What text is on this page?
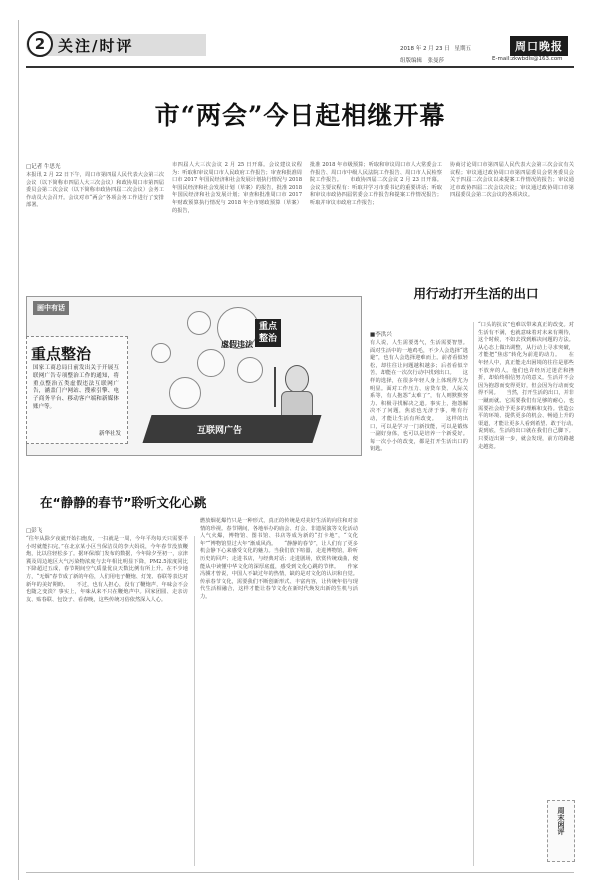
2 关注/时评	2018 年 2 月 23 日 星期五	周口晚报
组版编辑　张曼莎	E-mail:zkwbdls@163.com
市“两会”今日起相继开幕
□记者 牛思光
本报讯 2 月 22 日下午，周口市第四届人民代表大会第三次会议（以下简称市四届人大三次会议）和政协周口市第四届委员会第二次会议（以下简称市政协四届二次会议）会务工作动员大会召开。会议对市“两会”各项会务工作进行了安排部署。
市四届人大三次会议 2 月 25 日开幕。会议建议议程为：听取和审议周口市人民政府工作报告；审查和批准周口市 2017 年国民经济和社会发展计划执行情况与 2018 年国民经济和社会发展计划（草案）的报告，批准 2018 年国民经济和社会发展计划；审查和批准周口市 2017 年财政预算执行情况与 2018 年全市财政预算（草案）的报告，
批准 2018 年市级预算；听取和审议周口市人大常委会工作报告、周口市中级人民法院工作报告、周口市人民检察院工作报告。　　市政协四届二次会议 2 月 23 日开幕。会议主要议程有：听取并学习市委书记的重要讲话；听取和审议市政协四届常委会工作报告和提案工作情况报告；听取并审议市政府工作报告；
协商讨论周口市第四届人民代表大会第三次会议有关议程；审议通过政协周口市第四届委员会常务委员会关于四届二次会议以来提案工作情况的报告；审议通过市政协四届二次会议决议；审议通过政协周口市第四届委员会第二次会议的各项决议。
画中有话
虚假违法
重点整治
互联网广告
重点整治
国家工商总局日前发出关于开展互联网广告专项整治工作的通知，将重点整治五类虚假违法互联网广告，涵盖门户网站、搜索引擎、电子商务平台、移动客户端和新媒体账户等。
新华社发
在“静静的春节”聆听文化心跳
□彭飞
“往年从除夕夜就开始扫炮皮，一扫就是一周，今年平均每天只需要半小时就能扫完。”在北京某小区当保洁员的李大妈说，今年春节没放鞭炮，比以往轻松多了。据环保部门发布的数据，今年除夕至初一，京津冀及周边地区大气污染物浓度与去年相比明显下降，PM2.5浓度同比下降超过五成，春节期间空气质量优良天数比例有所上升。在不少地方，“无烟”春节成了新的年俗，人们用电子鞭炮、灯笼、春联等表达对新年的美好期盼。　　不过，也有人担心，没有了鞭炮声，年味会不会也随之变淡？事实上，年味从来不只在鞭炮声中。回家团圆、走亲访友、贴春联、包饺子、看春晚，这些传统习俗依然深入人心。
燃放烟花爆竹只是一种形式，真正的传统是对美好生活的向往和对亲情的珍视。春节期间，各地举办的庙会、灯会、非遗展演等文化活动人气火爆，博物馆、图书馆、书店等成为新的“打卡地”，“文化年”“博物馆里过大年”渐成风尚。　　“静静的春节”，让人们有了更多机会静下心来感受文化的魅力。当我们放下喧嚣，走进博物馆，聆听历史的回声；走进书店，与经典对话；走进剧场，欣赏传统戏曲，便能从中读懂中华文化的深厚底蕴，感受到文化心跳的节律。　　作家冯骥才曾说，中国人不缺过年的热情，缺的是对文化的认识和自觉。传承春节文化，需要我们不断创新形式、丰富内容，让传统年俗与现代生活相融合，这样才能让春节文化在新时代焕发出新的生机与活力。
用行动打开生活的出口
■李洪兴
有人说，人生需要勇气，生活需要智慧。面对生活中的一地鸡毛，不少人会选择“逃避”，也有人会选择迎难而上。前者看似轻松，却往往让问题越积越多；后者看似辛苦，却能在一次次行动中找到出口。　　这样的选择，在很多年轻人身上体现得尤为明显。面对工作压力、房贷车贷、人际关系等，有人抱怨“太难了”，有人则默默努力、积极寻找解决之道。事实上，抱怨解决不了问题，焦虑也无济于事，唯有行动，才能让生活有所改变。　　这样的出口，可以是学习一门新技能，可以是锻炼一副好身体，也可以是培养一个新爱好。每一次小小的改变，都是打开生活出口的钥匙。
“口头的抗议”也难以带来真正的改变。对生活有不满，也就意味着对未来有期待，这个时候，不如去找到解决问题的方法。从心态上做出调整，从行动上寻求突破，才能把“焦虑”转化为前进的动力。　　在年轻人中，真正能走出困境的往往是那些不放弃的人。他们也许经历过迷茫和挫折，却始终相信努力的意义。生活并不会因为抱怨而变得更好，但会因为行动而变得不同。　　当然，打开生活的出口，并非一蹴而就。它需要我们有足够的耐心，也需要社会给予更多的理解和支持。营造公平的环境、提供更多的机会、畅通上升的渠道，才能让更多人看到希望、敢于行动。　　说到底，生活的出口就在我们自己脚下。只要迈出第一步，就会发现，前方的路越走越宽。
周末闲评
